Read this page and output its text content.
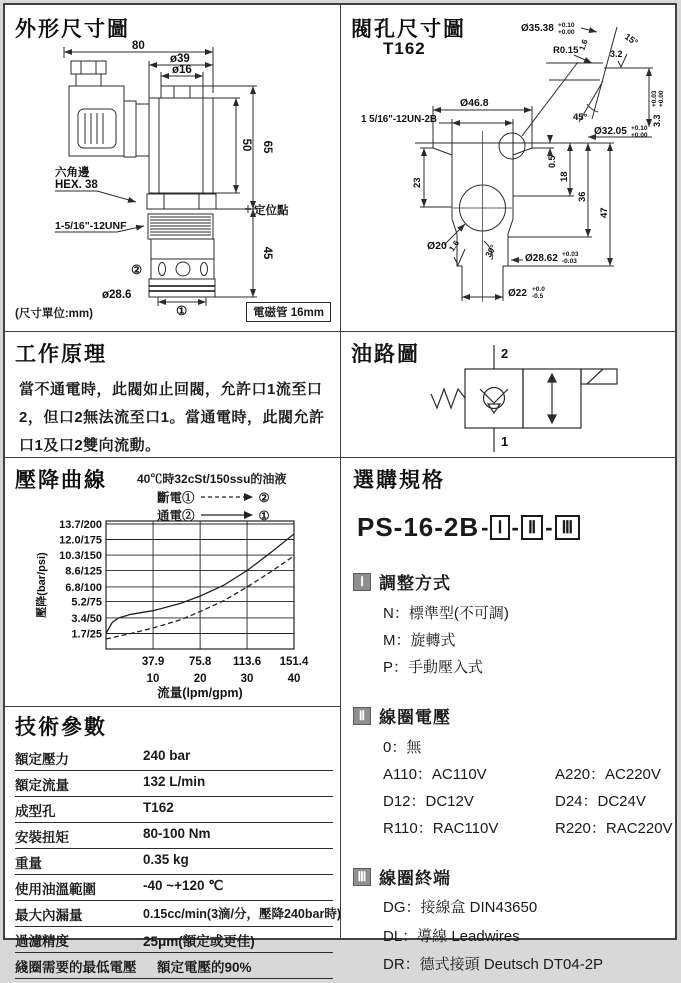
外形尺寸圖
(尺寸單位:mm)	電磁管 16mm
80
ø39
ø16
50 65
45
六角邊
HEX. 38
1-5/16"-12UNF
定位點
②
①
ø28.6
閥孔尺寸圖
T162
Ø35.38 +0.10
+0.00
R0.15
15°
1.6
3.2
45°	3.3
+0.03 +0.00
Ø32.05 +0.10
+0.00
Ø46.8
1 5/16"-12UN-2B
23
0.5
18
36
47
Ø20 1.6	30°	Ø28.62 +0.03
-0.03
Ø22 +0.0
-0.5
工作原理
當不通電時，此閥如止回閥，允許口1流至口2，但口2無法流至口1。當通電時，此閥允許口1及口2雙向流動。
油路圖	2
1
壓降曲線	40℃時32cSt/150ssu的油液
斷電①	②
通電②	①
壓降(bar/psi)
流量(lpm/gpm)
13.7/200
12.0/175
10.3/150
8.6/125
6.8/100
5.2/75
3.4/50
1.7/25
37.9
10
75.8
20
113.6
30
151.4
40
技術參數
額定壓力	240 bar
額定流量	132 L/min
成型孔	T162
安裝扭矩	80-100 Nm
重量	0.35 kg
使用油溫範圍	-40 ~+120 ℃
最大內漏量	0.15cc/min(3滴/分，壓降240bar時)
過濾精度	25μm(額定或更佳)
綫圈需要的最低電壓	額定電壓的90%
選購規格
PS-16-2B - Ⅰ - Ⅱ - Ⅲ
Ⅰ 調整方式
N：標準型(不可調)
M：旋轉式
P：手動壓入式
Ⅱ 線圈電壓
0：無
A110：AC110V	A220：AC220V
D12：DC12V	D24：DC24V
R110：RAC110V	R220：RAC220V
Ⅲ 線圈終端
DG：接線盒 DIN43650
DL：導線 Leadwires
DR：德式接頭 Deutsch DT04-2P
